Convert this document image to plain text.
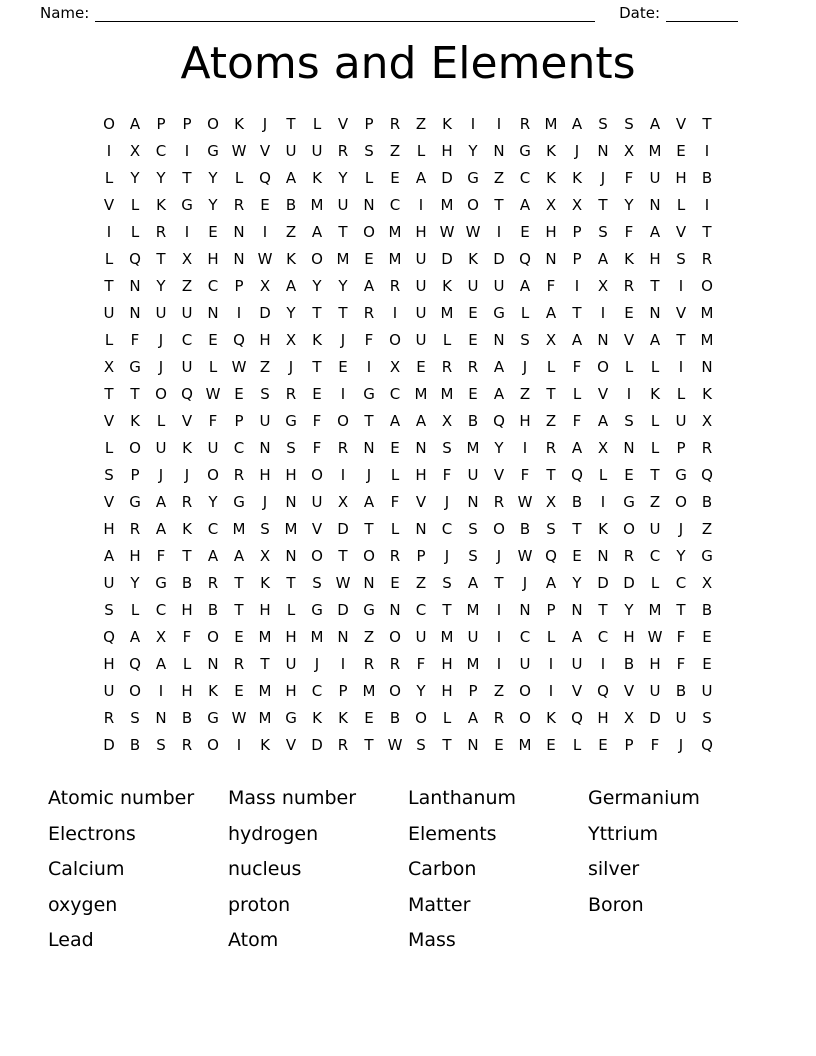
Name:	Date:
Atoms and Elements
O A	P	P	O	K	J	T	L	V	P	R	Z	K	I	I	R M A	S	S	A	V	T
I	X	C	I	G W V	U	U	R	S	Z	L	H	Y	N G	K	J	N	X M E	I
L	Y	Y	T	Y	L	Q A	K	Y	L	E	A	D G	Z	C	K	K	J	F	U H	B
V	L	K	G	Y	R	E	B M U N	C	I	M O	T	A	X	X	T	Y	N	L	I
I	L	R	I	E	N	I	Z	A	T	O M H W W	I	E	H	P	S	F	A	V	T
L	Q	T	X	H N W K	O M E M U D	K	D Q N	P	A	K	H	S	R
T	N	Y	Z	C	P	X	A	Y	Y	A	R	U	K	U	U	A	F	I	X	R	T	I	O
U N U	U N	I	D	Y	T	T	R	I	U M E	G	L	A	T	I	E	N	V M
L	F	J	C	E	Q H	X	K	J	F	O U	L	E	N	S	X	A	N	V	A	T M
X	G	J	U	L W Z	J	T	E	I	X	E	R	R	A	J	L	F	O	L	L	I	N
T	T	O Q W E	S	R	E	I	G C M M E	A	Z	T	L	V	I	K	L	K
V	K	L	V	F	P	U G	F	O	T	A	A	X	B Q H	Z	F	A	S	L	U	X
L	O U	K	U	C	N	S	F	R	N	E	N	S M Y	I	R	A	X	N	L	P	R
S	P	J	J	O R	H H O	I	J	L	H	F	U	V	F	T	Q	L	E	T	G Q
V	G	A	R	Y	G	J	N U	X	A	F	V	J	N	R W X	B	I	G	Z O B
H	R	A	K	C M S M V	D	T	L	N	C	S	O B	S	T	K	O U	J	Z
A	H	F	T	A	A	X	N O	T	O R	P	J	S	J	W Q	E	N	R	C	Y	G
U	Y	G	B	R	T	K	T	S W N	E	Z	S	A	T	J	A	Y	D D	L	C	X
S	L	C	H	B	T	H	L	G D G N	C	T M	I	N	P	N	T	Y M T	B
Q A	X	F	O	E M H M N	Z O U M U	I	C	L	A	C	H W F	E
H Q A	L	N	R	T	U	J	I	R	R	F	H M	I	U	I	U	I	B	H	F	E
U O	I	H	K	E M H	C	P	M O	Y	H	P	Z O	I	V Q V	U	B	U
R	S	N	B	G W M G	K	K	E	B O	L	A	R O	K	Q H	X	D U	S
D	B	S	R O	I	K	V	D	R	T W S	T	N	E M E	L	E	P	F	J	Q
Atomic number
Electrons
Calcium
oxygen
Lead
Mass number
hydrogen
nucleus
proton
Atom
Lanthanum
Elements
Carbon
Matter
Mass
Germanium
Yttrium
silver
Boron
